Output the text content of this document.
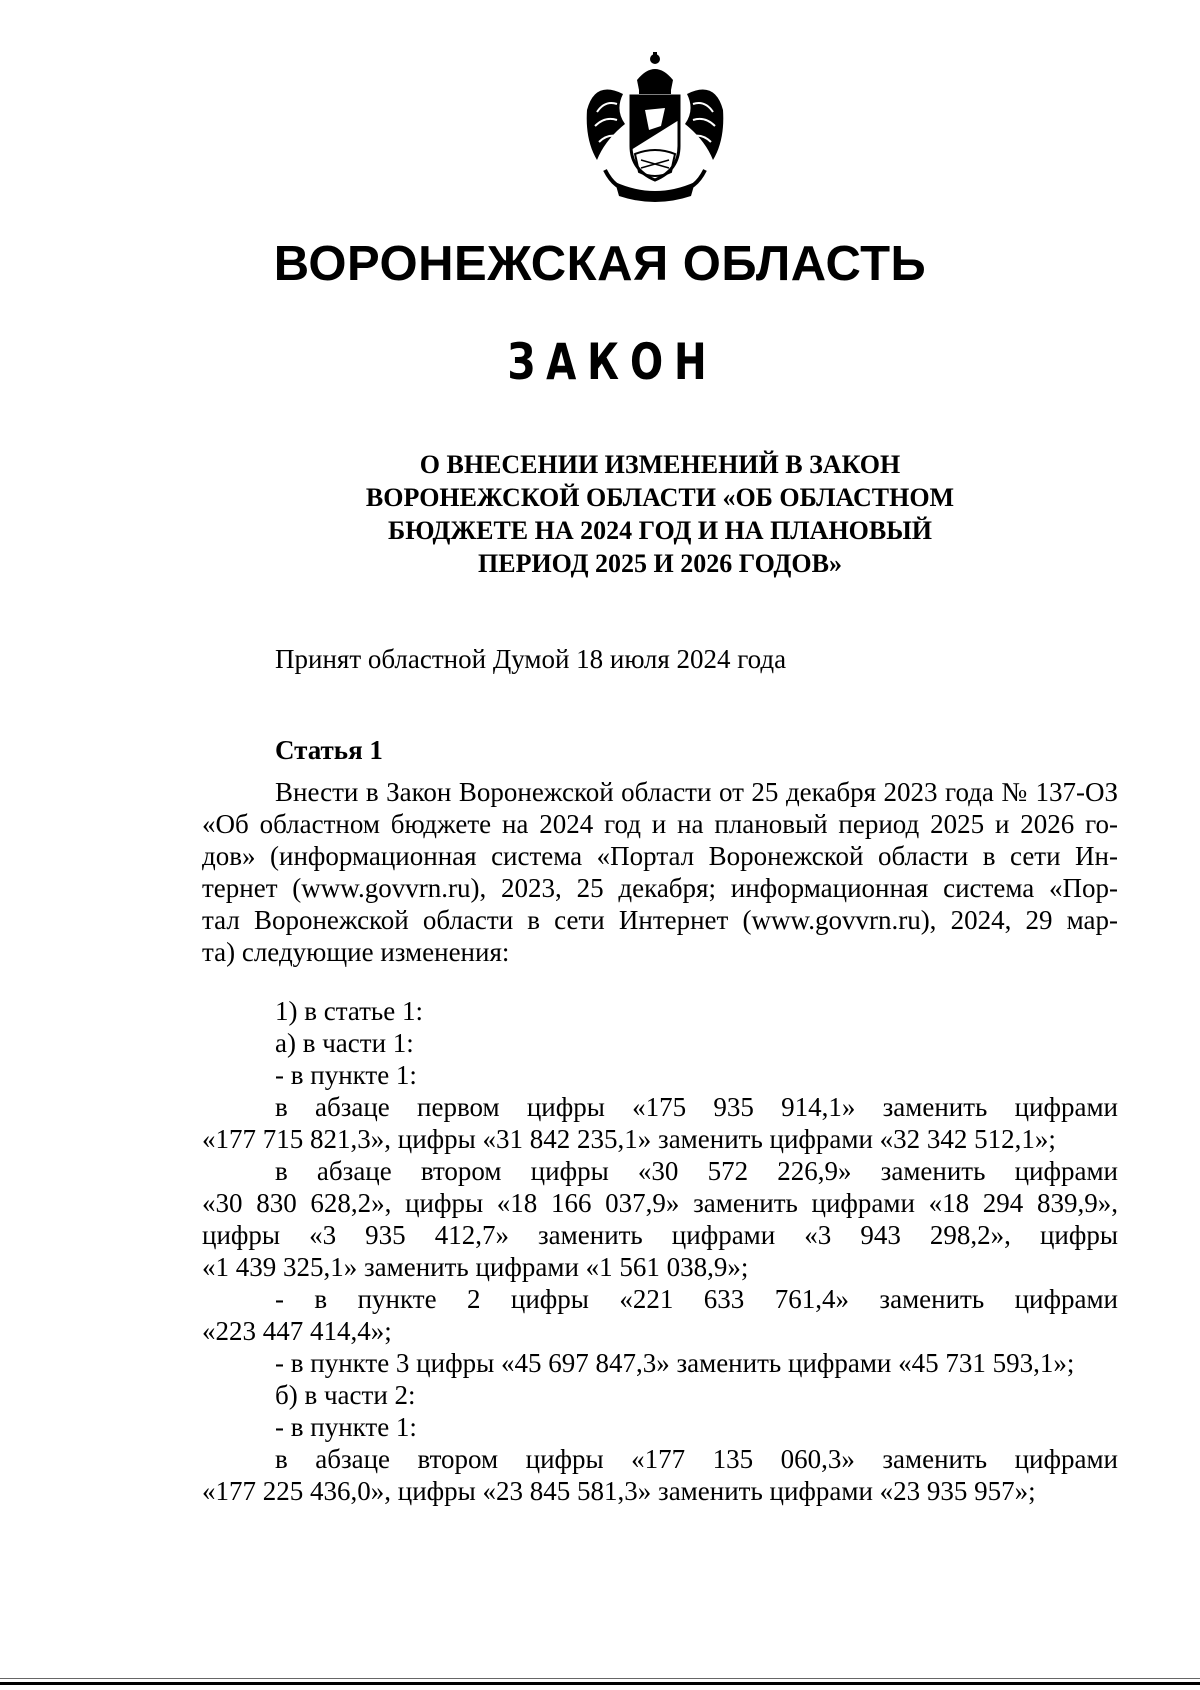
ВОРОНЕЖСКАЯ ОБЛАСТЬ
ЗАКОН
О ВНЕСЕНИИ ИЗМЕНЕНИЙ В ЗАКОН
ВОРОНЕЖСКОЙ ОБЛАСТИ «ОБ ОБЛАСТНОМ
БЮДЖЕТЕ НА 2024 ГОД И НА ПЛАНОВЫЙ
ПЕРИОД 2025 И 2026 ГОДОВ»
Принят областной Думой 18 июля 2024 года
Статья 1
Внести в Закон Воронежской области от 25 декабря 2023 года № 137-ОЗ
«Об областном бюджете на 2024 год и на плановый период 2025 и 2026 го-
дов» (информационная система «Портал Воронежской области в сети Ин-
тернет (www.govvrn.ru), 2023, 25 декабря; информационная система «Пор-
тал Воронежской области в сети Интернет (www.govvrn.ru), 2024, 29 мар-
та) следующие изменения:
1) в статье 1:
а) в части 1:
- в пункте 1:
в абзаце первом цифры «175 935 914,1» заменить цифрами
«177 715 821,3», цифры «31 842 235,1» заменить цифрами «32 342 512,1»;
в абзаце втором цифры «30 572 226,9» заменить цифрами
«30 830 628,2», цифры «18 166 037,9» заменить цифрами «18 294 839,9»,
цифры «3 935 412,7» заменить цифрами «3 943 298,2», цифры
«1 439 325,1» заменить цифрами «1 561 038,9»;
- в пункте 2 цифры «221 633 761,4» заменить цифрами
«223 447 414,4»;
- в пункте 3 цифры «45 697 847,3» заменить цифрами «45 731 593,1»;
б) в части 2:
- в пункте 1:
в абзаце втором цифры «177 135 060,3» заменить цифрами
«177 225 436,0», цифры «23 845 581,3» заменить цифрами «23 935 957»;
